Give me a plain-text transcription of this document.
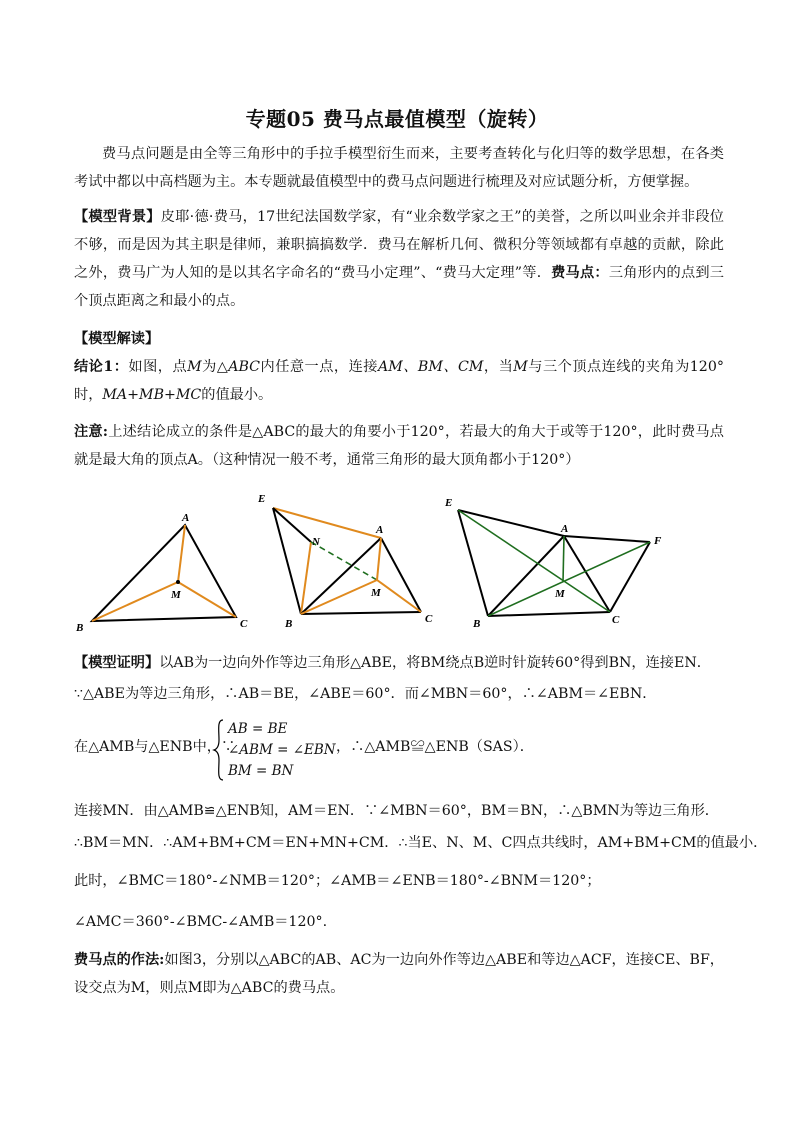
专题05 费马点最值模型（旋转）
费马点问题是由全等三角形中的手拉手模型衍生而来，主要考查转化与化归等的数学思想，在各类考试中都以中高档题为主。本专题就最值模型中的费马点问题进行梳理及对应试题分析，方便掌握。
【模型背景】皮耶·德·费马，17世纪法国数学家，有“业余数学家之王”的美誉，之所以叫业余并非段位不够，而是因为其主职是律师，兼职搞搞数学．费马在解析几何、微积分等领域都有卓越的贡献，除此之外，费马广为人知的是以其名字命名的“费马小定理”、“费马大定理”等．费马点：三角形内的点到三个顶点距离之和最小的点。
【模型解读】
结论1：如图，点M为△ABC内任意一点，连接AM、BM、CM，当M与三个顶点连线的夹角为120°时，MA+MB+MC的值最小。
注意:上述结论成立的条件是△ABC的最大的角要小于120°，若最大的角大于或等于120°，此时费马点就是最大角的顶点A。（这种情况一般不考，通常三角形的最大顶角都小于120°）
A
M
B	C
E
N
A
M
B	C
E
A
F
M
B	C
【模型证明】以AB为一边向外作等边三角形△ABE，将BM绕点B逆时针旋转60°得到BN，连接EN．
∵△ABE为等边三角形，∴AB＝BE，∠ABE＝60°．而∠MBN＝60°，∴∠ABM＝∠EBN．
在△AMB与△ENB中，∵
AB = BE
∠ABM = ∠EBN
BM = BN
，∴△AMB≌△ENB（SAS）．
连接MN．由△AMB≌△ENB知，AM＝EN．∵∠MBN＝60°，BM＝BN，∴△BMN为等边三角形．
∴BM＝MN．∴AM+BM+CM＝EN+MN+CM．∴当E、N、M、C四点共线时，AM+BM+CM的值最小．
此时，∠BMC＝180°-∠NMB＝120°；∠AMB＝∠ENB＝180°-∠BNM＝120°；
∠AMC＝360°-∠BMC-∠AMB＝120°.
费马点的作法:如图3，分别以△ABC的AB、AC为一边向外作等边△ABE和等边△ACF，连接CE、BF，设交点为M，则点M即为△ABC的费马点。
